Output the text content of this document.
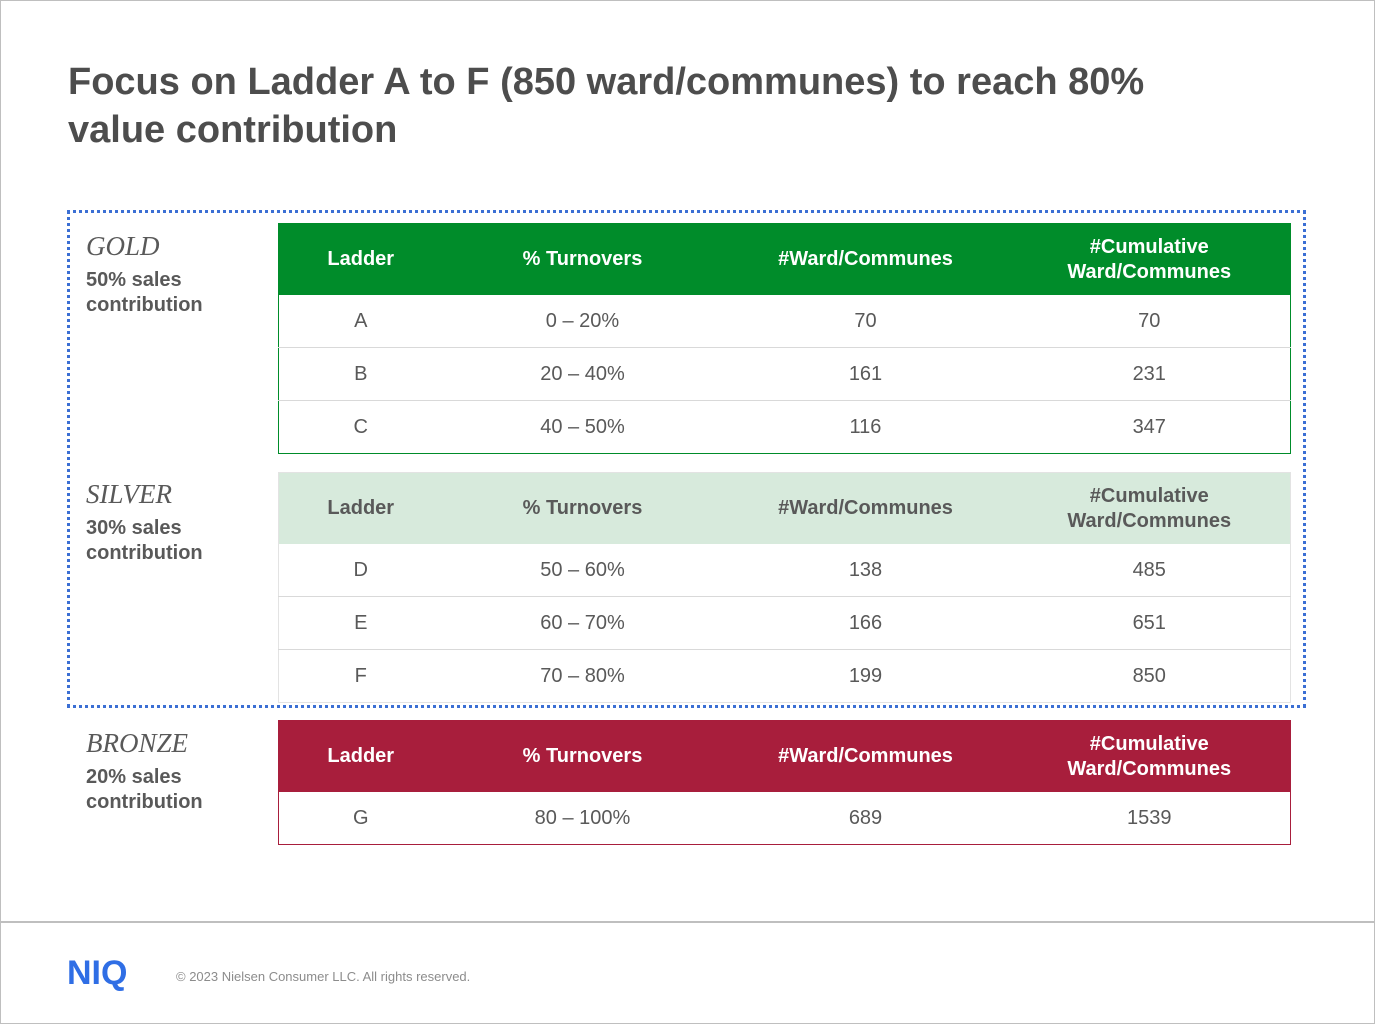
Focus on Ladder A to F (850 ward/communes) to reach 80% value contribution
GOLD
50% sales contribution
Ladder	% Turnovers	#Ward/Communes	#Cumulative Ward/Communes
A	0 – 20%	70	70
B	20 – 40%	161	231
C	40 – 50%	116	347
SILVER
30% sales contribution
Ladder	% Turnovers	#Ward/Communes	#Cumulative Ward/Communes
D	50 – 60%	138	485
E	60 – 70%	166	651
F	70 – 80%	199	850
BRONZE
20% sales contribution
Ladder	% Turnovers	#Ward/Communes	#Cumulative Ward/Communes
G	80 – 100%	689	1539
NIQ	© 2023 Nielsen Consumer LLC. All rights reserved.
